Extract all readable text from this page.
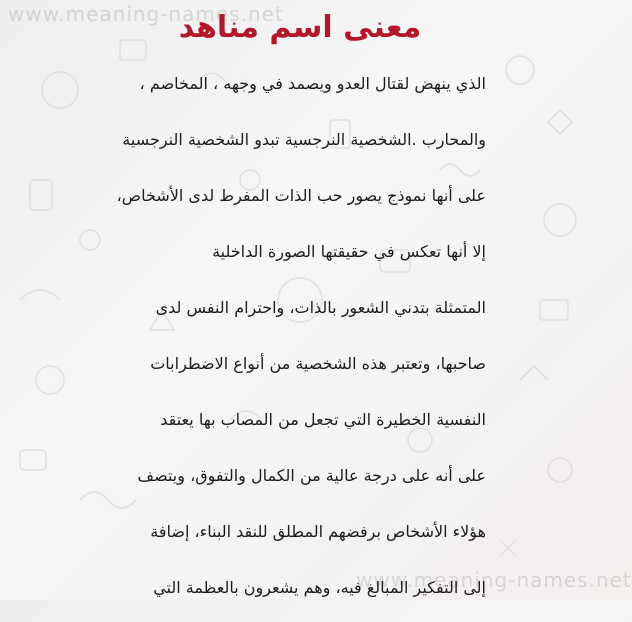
www.meaning-names.net
www.meaning-names.net
معنى اسم مناهد
الذي ينهض لقتال العدو ويصمد في وجهه ، المخاصم ،
والمحارب .الشخصية النرجسية تبدو الشخصية النرجسية
على أنها نموذج يصور حب الذات المفرط لدى الأشخاص،
إلا أنها تعكس في حقيقتها الصورة الداخلية
المتمثلة بتدني الشعور بالذات، واحترام النفس لدى
صاحبها، وتعتبر هذه الشخصية من أنواع الاضطرابات
النفسية الخطيرة التي تجعل من المصاب بها يعتقد
على أنه على درجة عالية من الكمال والتفوق، ويتصف
هؤلاء الأشخاص برفضهم المطلق للنقد البناء، إضافة
إلى التفكير المبالغ فيه، وهم يشعرون بالعظمة التي
